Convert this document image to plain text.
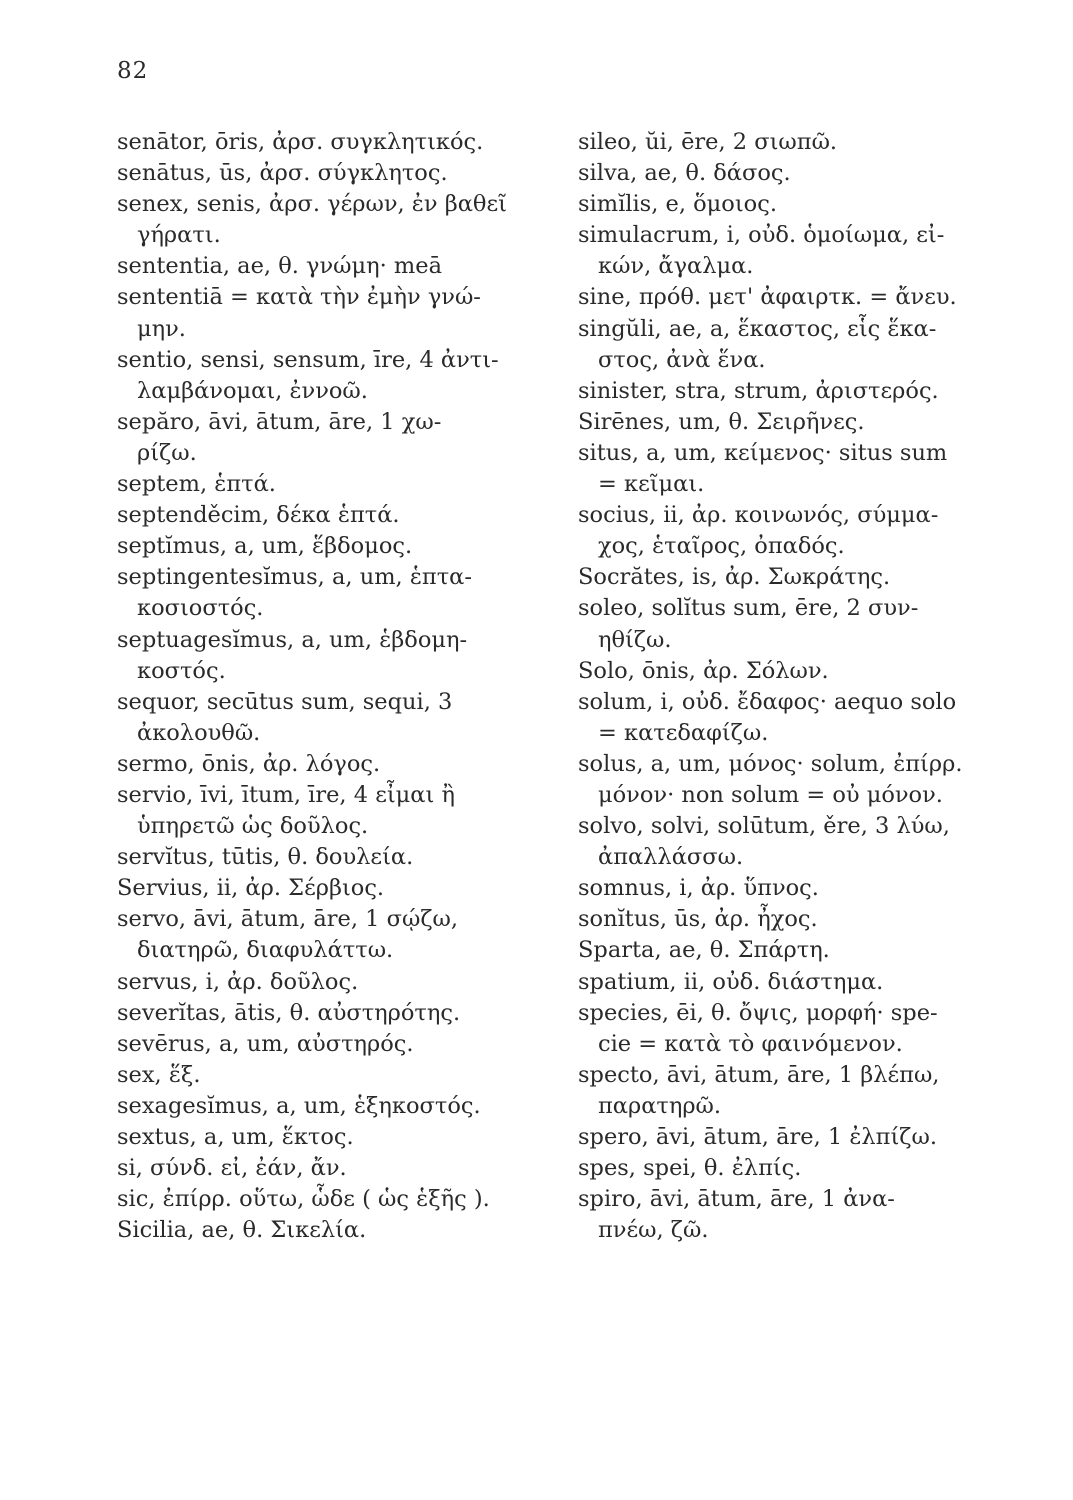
82
senātor, ōris, ἀρσ. συγκλητικός.
senātus, ūs, ἀρσ. σύγκλητος.
senex, senis, ἀρσ. γέρων, ἐν βαθεῖ
γήρατι.
sententia, ae, θ. γνώμη· meā
sententiā = κατὰ τὴν ἐμὴν γνώ-
μην.
sentio, sensi, sensum, īre, 4 ἀντι-
λαμβάνομαι, ἐννοῶ.
sepăro, āvi, ātum, āre, 1 χω-
ρίζω.
septem, ἑπτά.
septenděcim, δέκα ἑπτά.
septĭmus, a, um, ἕβδομος.
septingentesĭmus, a, um, ἑπτα-
κοσιοστός.
septuagesĭmus, a, um, ἑβδομη-
κοστός.
sequor, secūtus sum, sequi, 3
ἀκολουθῶ.
sermo, ōnis, ἀρ. λόγος.
servio, īvi, ītum, īre, 4 εἶμαι ἢ
ὑπηρετῶ ὡς δοῦλος.
servĭtus, tūtis, θ. δουλεία.
Servius, ii, ἀρ. Σέρβιος.
servo, āvi, ātum, āre, 1 σῴζω,
διατηρῶ, διαφυλάττω.
servus, i, ἀρ. δοῦλος.
severĭtas, ātis, θ. αὐστηρότης.
sevērus, a, um, αὐστηρός.
sex, ἕξ.
sexagesĭmus, a, um, ἑξηκοστός.
sextus, a, um, ἕκτος.
si, σύνδ. εἰ, ἐάν, ἄν.
sic, ἐπίρρ. οὕτω, ὧδε ( ὡς ἑξῆς ).
Sicilia, ae, θ. Σικελία.
sileo, ŭi, ēre, 2 σιωπῶ.
silva, ae, θ. δάσος.
simĭlis, e, ὅμοιος.
simulacrum, i, οὐδ. ὁμοίωμα, εἰ-
κών, ἄγαλμα.
sine, πρόθ. μετ' ἀφαιρτκ. = ἄνευ.
singŭli, ae, a, ἕκαστος, εἷς ἕκα-
στος, ἀνὰ ἕνα.
sinister, stra, strum, ἀριστερός.
Sirēnes, um, θ. Σειρῆνες.
situs, a, um, κείμενος· situs sum
= κεῖμαι.
socius, ii, ἀρ. κοινωνός, σύμμα-
χος, ἑταῖρος, ὀπαδός.
Socrătes, is, ἀρ. Σωκράτης.
soleo, solĭtus sum, ēre, 2 συν-
ηθίζω.
Solo, ōnis, ἀρ. Σόλων.
solum, i, οὐδ. ἔδαφος· aequo solo
= κατεδαφίζω.
solus, a, um, μόνος· solum, ἐπίρρ.
μόνον· non solum = οὐ μόνον.
solvo, solvi, solūtum, ěre, 3 λύω,
ἀπαλλάσσω.
somnus, i, ἀρ. ὕπνος.
sonĭtus, ūs, ἀρ. ἦχος.
Sparta, ae, θ. Σπάρτη.
spatium, ii, οὐδ. διάστημα.
species, ēi, θ. ὄψις, μορφή· spe-
cie = κατὰ τὸ φαινόμενον.
specto, āvi, ātum, āre, 1 βλέπω,
παρατηρῶ.
spero, āvi, ātum, āre, 1 ἐλπίζω.
spes, spei, θ. ἐλπίς.
spiro, āvi, ātum, āre, 1 ἀνα-
πνέω, ζῶ.
